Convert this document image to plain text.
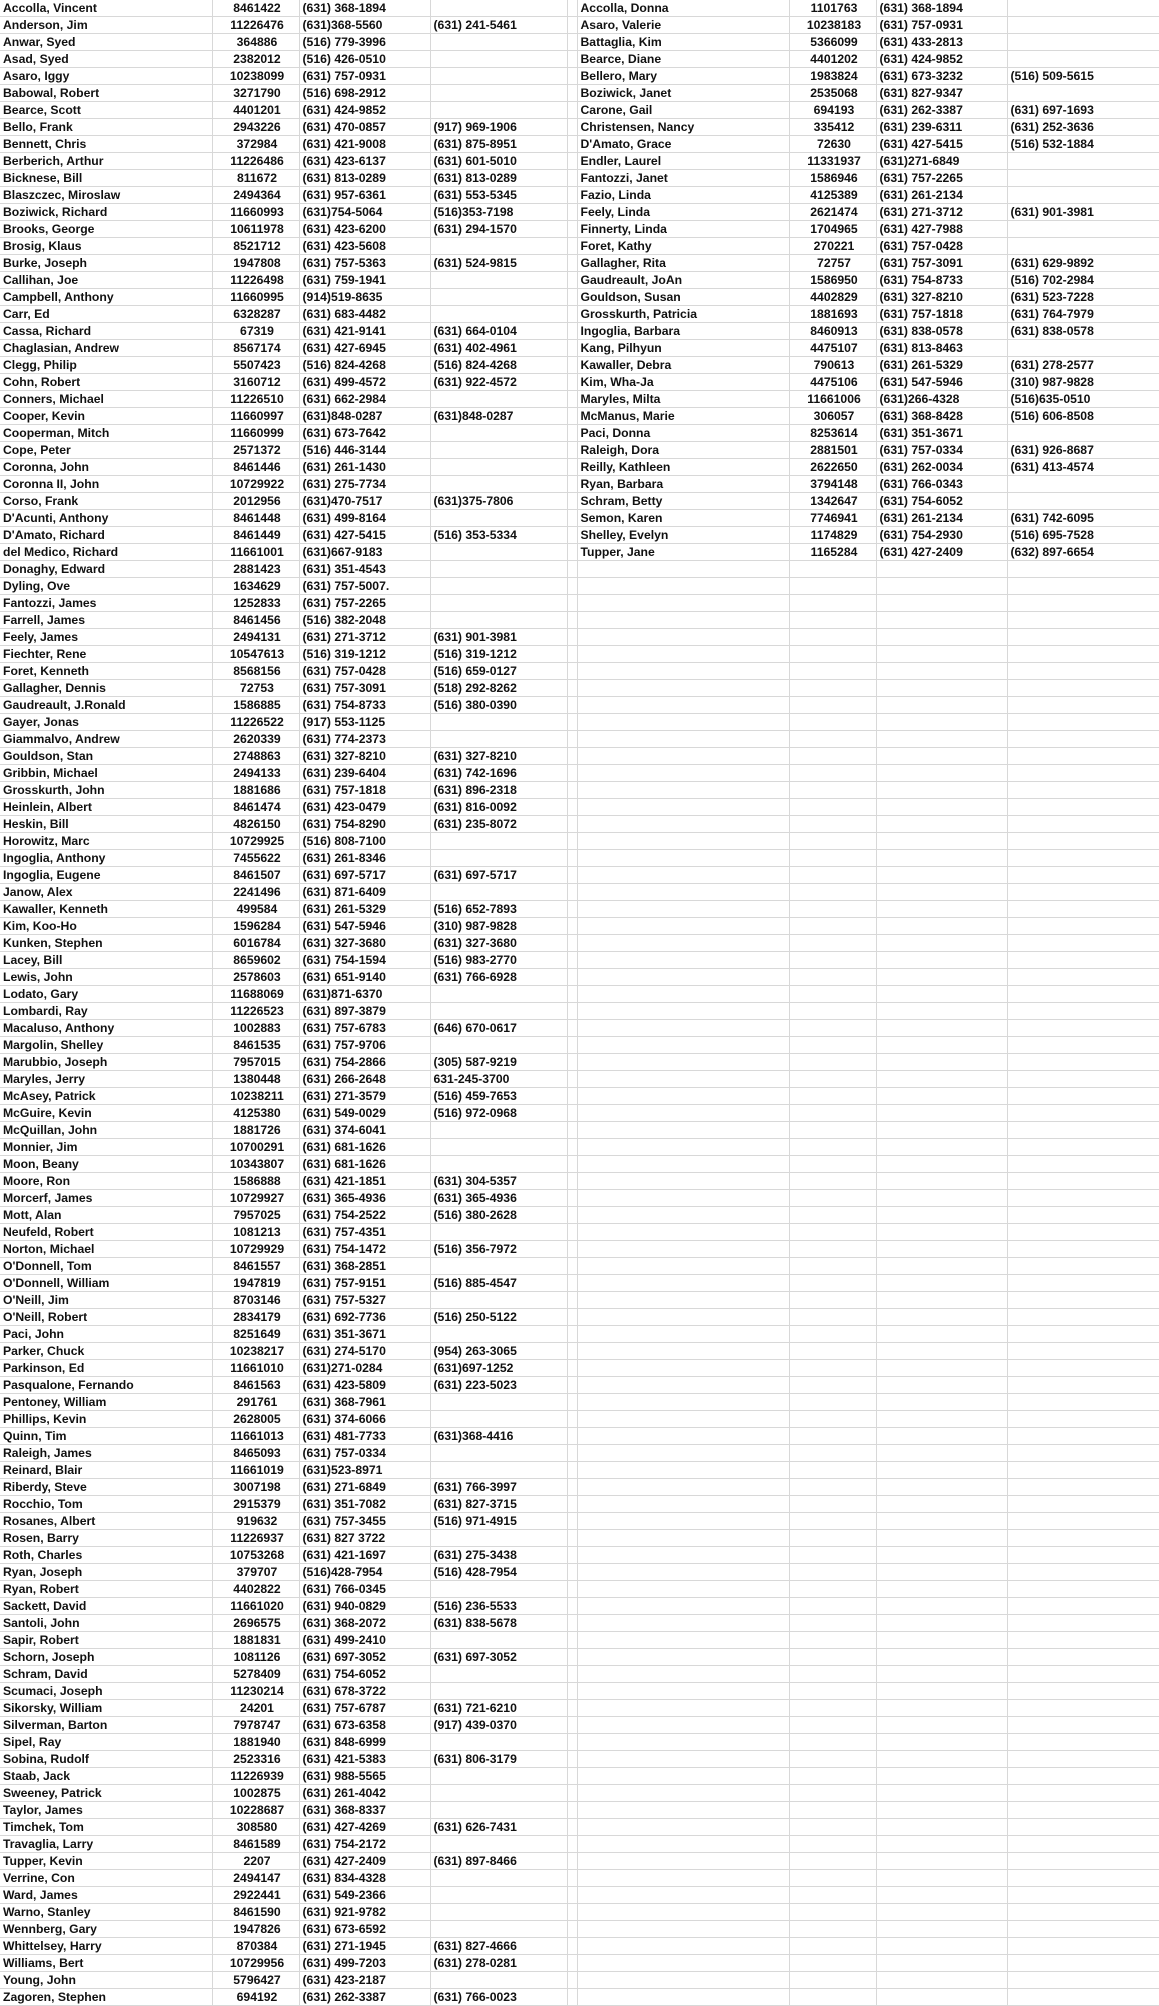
Accolla, Vincent	8461422	(631) 368-1894			Accolla, Donna	1101763	(631) 368-1894	
Anderson, Jim	11226476	(631)368-5560	(631) 241-5461		Asaro, Valerie	10238183	(631) 757-0931	
Anwar, Syed	364886	(516) 779-3996			Battaglia, Kim	5366099	(631) 433-2813	
Asad, Syed	2382012	(516) 426-0510			Bearce, Diane	4401202	(631) 424-9852	
Asaro, Iggy	10238099	(631) 757-0931			Bellero, Mary	1983824	(631) 673-3232	(516) 509-5615
Babowal, Robert	3271790	(516) 698-2912			Boziwick, Janet	2535068	(631) 827-9347	
Bearce, Scott	4401201	(631) 424-9852			Carone, Gail	694193	(631) 262-3387	(631) 697-1693
Bello, Frank	2943226	(631) 470-0857	(917) 969-1906		Christensen, Nancy	335412	(631) 239-6311	(631) 252-3636
Bennett, Chris	372984	(631) 421-9008	(631) 875-8951		D'Amato, Grace	72630	(631) 427-5415	(516) 532-1884
Berberich, Arthur	11226486	(631) 423-6137	(631) 601-5010		Endler, Laurel	11331937	(631)271-6849	
Bicknese, Bill	811672	(631) 813-0289	(631) 813-0289		Fantozzi, Janet	1586946	(631) 757-2265	
Blaszczec, Miroslaw	2494364	(631) 957-6361	(631) 553-5345		Fazio, Linda	4125389	(631) 261-2134	
Boziwick, Richard	11660993	(631)754-5064	(516)353-7198		Feely, Linda	2621474	(631) 271-3712	(631) 901-3981
Brooks, George	10611978	(631) 423-6200	(631) 294-1570		Finnerty, Linda	1704965	(631) 427-7988	
Brosig, Klaus	8521712	(631) 423-5608			Foret, Kathy	270221	(631) 757-0428	
Burke, Joseph	1947808	(631) 757-5363	(631) 524-9815		Gallagher, Rita	72757	(631) 757-3091	(631) 629-9892
Callihan, Joe	11226498	(631) 759-1941			Gaudreault, JoAn	1586950	(631) 754-8733	(516) 702-2984
Campbell, Anthony	11660995	(914)519-8635			Gouldson, Susan	4402829	(631) 327-8210	(631) 523-7228
Carr, Ed	6328287	(631) 683-4482			Grosskurth, Patricia	1881693	(631) 757-1818	(631) 764-7979
Cassa, Richard	67319	(631) 421-9141	(631) 664-0104		Ingoglia, Barbara	8460913	(631) 838-0578	(631) 838-0578
Chaglasian, Andrew	8567174	(631) 427-6945	(631) 402-4961		Kang, Pilhyun	4475107	(631) 813-8463	
Clegg, Philip	5507423	(516) 824-4268	(516) 824-4268		Kawaller, Debra	790613	(631) 261-5329	(631) 278-2577
Cohn, Robert	3160712	(631) 499-4572	(631) 922-4572		Kim, Wha-Ja	4475106	(631) 547-5946	(310) 987-9828
Conners, Michael	11226510	(631) 662-2984			Maryles, Milta	11661006	(631)266-4328	(516)635-0510
Cooper, Kevin	11660997	(631)848-0287	(631)848-0287		McManus, Marie	306057	(631) 368-8428	(516) 606-8508
Cooperman, Mitch	11660999	(631) 673-7642			Paci, Donna	8253614	(631) 351-3671	
Cope, Peter	2571372	(516) 446-3144			Raleigh, Dora	2881501	(631) 757-0334	(631) 926-8687
Coronna, John	8461446	(631) 261-1430			Reilly, Kathleen	2622650	(631) 262-0034	(631) 413-4574
Coronna II, John	10729922	(631) 275-7734			Ryan, Barbara	3794148	(631) 766-0343	
Corso, Frank	2012956	(631)470-7517	(631)375-7806		Schram, Betty	1342647	(631) 754-6052	
D'Acunti, Anthony	8461448	(631) 499-8164			Semon, Karen	7746941	(631) 261-2134	(631) 742-6095
D'Amato, Richard	8461449	(631) 427-5415	(516) 353-5334		Shelley, Evelyn	1174829	(631) 754-2930	(516) 695-7528
del Medico, Richard	11661001	(631)667-9183			Tupper, Jane	1165284	(631) 427-2409	(632) 897-6654
Donaghy, Edward	2881423	(631) 351-4543						
Dyling, Ove	1634629	(631) 757-5007.						
Fantozzi, James	1252833	(631) 757-2265						
Farrell, James	8461456	(516) 382-2048						
Feely, James	2494131	(631) 271-3712	(631) 901-3981					
Fiechter, Rene	10547613	(516) 319-1212	(516) 319-1212					
Foret, Kenneth	8568156	(631) 757-0428	(516) 659-0127					
Gallagher, Dennis	72753	(631) 757-3091	(518) 292-8262					
Gaudreault, J.Ronald	1586885	(631) 754-8733	(516) 380-0390					
Gayer, Jonas	11226522	(917) 553-1125						
Giammalvo, Andrew	2620339	(631) 774-2373						
Gouldson, Stan	2748863	(631) 327-8210	(631) 327-8210					
Gribbin, Michael	2494133	(631) 239-6404	(631) 742-1696					
Grosskurth, John	1881686	(631) 757-1818	(631) 896-2318					
Heinlein, Albert	8461474	(631) 423-0479	(631) 816-0092					
Heskin, Bill	4826150	(631) 754-8290	(631) 235-8072					
Horowitz, Marc	10729925	(516) 808-7100						
Ingoglia, Anthony	7455622	(631) 261-8346						
Ingoglia, Eugene	8461507	(631) 697-5717	(631) 697-5717					
Janow, Alex	2241496	(631) 871-6409						
Kawaller, Kenneth	499584	(631) 261-5329	(516) 652-7893					
Kim, Koo-Ho	1596284	(631) 547-5946	(310) 987-9828					
Kunken, Stephen	6016784	(631) 327-3680	(631) 327-3680					
Lacey, Bill	8659602	(631) 754-1594	(516) 983-2770					
Lewis, John	2578603	(631) 651-9140	(631) 766-6928					
Lodato, Gary	11688069	(631)871-6370						
Lombardi, Ray	11226523	(631) 897-3879						
Macaluso, Anthony	1002883	(631) 757-6783	(646) 670-0617					
Margolin, Shelley	8461535	(631) 757-9706						
Marubbio, Joseph	7957015	(631) 754-2866	(305) 587-9219					
Maryles, Jerry	1380448	(631) 266-2648	631-245-3700					
McAsey, Patrick	10238211	(631) 271-3579	(516) 459-7653					
McGuire, Kevin	4125380	(631) 549-0029	(516) 972-0968					
McQuillan, John	1881726	(631) 374-6041						
Monnier, Jim	10700291	(631) 681-1626						
Moon, Beany	10343807	(631) 681-1626						
Moore, Ron	1586888	(631) 421-1851	(631) 304-5357					
Morcerf, James	10729927	(631) 365-4936	(631) 365-4936					
Mott, Alan	7957025	(631) 754-2522	(516) 380-2628					
Neufeld, Robert	1081213	(631) 757-4351						
Norton, Michael	10729929	(631) 754-1472	(516) 356-7972					
O'Donnell, Tom	8461557	(631) 368-2851						
O'Donnell, William	1947819	(631) 757-9151	(516) 885-4547					
O'Neill, Jim	8703146	(631) 757-5327						
O'Neill, Robert	2834179	(631) 692-7736	(516) 250-5122					
Paci, John	8251649	(631) 351-3671						
Parker, Chuck	10238217	(631) 274-5170	(954) 263-3065					
Parkinson, Ed	11661010	(631)271-0284	(631)697-1252					
Pasqualone, Fernando	8461563	(631) 423-5809	(631) 223-5023					
Pentoney, William	291761	(631) 368-7961						
Phillips, Kevin	2628005	(631) 374-6066						
Quinn, Tim	11661013	(631) 481-7733	(631)368-4416					
Raleigh, James	8465093	(631) 757-0334						
Reinard, Blair	11661019	(631)523-8971						
Riberdy, Steve	3007198	(631) 271-6849	(631) 766-3997					
Rocchio, Tom	2915379	(631) 351-7082	(631) 827-3715					
Rosanes, Albert	919632	(631) 757-3455	(516) 971-4915					
Rosen, Barry	11226937	(631) 827 3722						
Roth, Charles	10753268	(631) 421-1697	(631) 275-3438					
Ryan, Joseph	379707	(516)428-7954	(516) 428-7954					
Ryan, Robert	4402822	(631) 766-0345						
Sackett, David	11661020	(631) 940-0829	(516) 236-5533					
Santoli, John	2696575	(631) 368-2072	(631) 838-5678					
Sapir, Robert	1881831	(631) 499-2410						
Schorn, Joseph	1081126	(631) 697-3052	(631) 697-3052					
Schram, David	5278409	(631) 754-6052						
Scumaci, Joseph	11230214	(631) 678-3722						
Sikorsky, William	24201	(631) 757-6787	(631) 721-6210					
Silverman, Barton	7978747	(631) 673-6358	(917) 439-0370					
Sipel, Ray	1881940	(631) 848-6999						
Sobina, Rudolf	2523316	(631) 421-5383	(631) 806-3179					
Staab, Jack	11226939	(631) 988-5565						
Sweeney, Patrick	1002875	(631) 261-4042						
Taylor, James	10228687	(631) 368-8337						
Timchek, Tom	308580	(631) 427-4269	(631) 626-7431					
Travaglia, Larry	8461589	(631) 754-2172						
Tupper, Kevin	2207	(631) 427-2409	(631) 897-8466					
Verrine, Con	2494147	(631) 834-4328						
Ward, James	2922441	(631) 549-2366						
Warno, Stanley	8461590	(631) 921-9782						
Wennberg, Gary	1947826	(631) 673-6592						
Whittelsey, Harry	870384	(631) 271-1945	(631) 827-4666					
Williams, Bert	10729956	(631) 499-7203	(631) 278-0281					
Young, John	5796427	(631) 423-2187						
Zagoren, Stephen	694192	(631) 262-3387	(631) 766-0023					
